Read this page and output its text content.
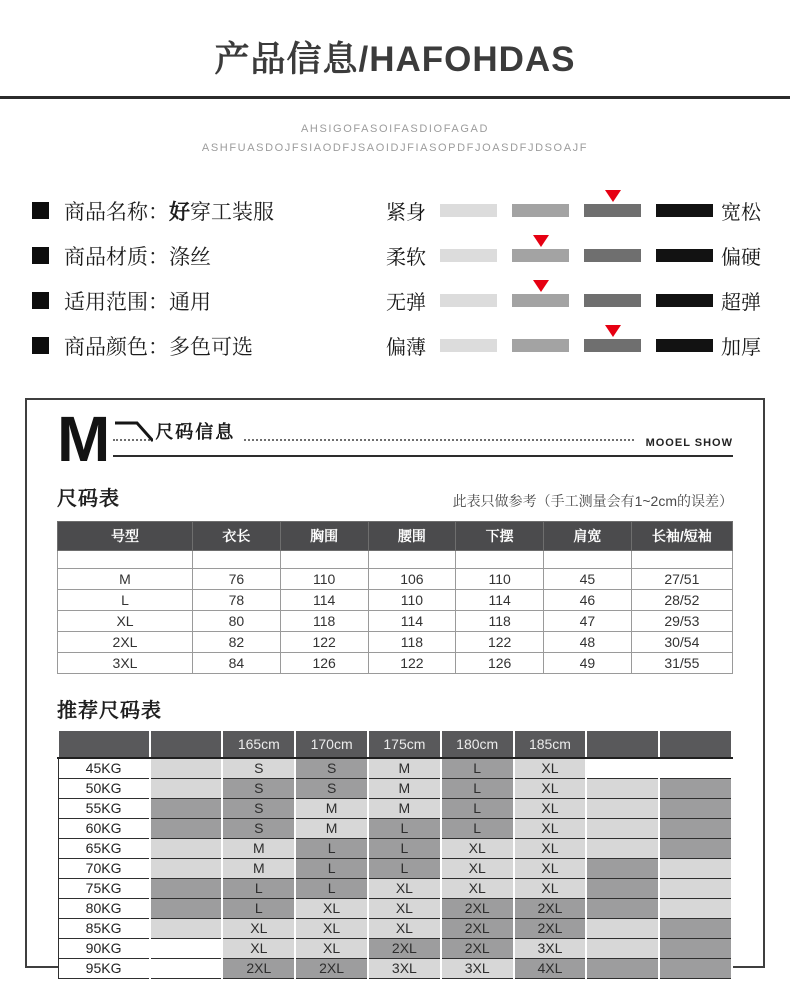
产品信息/HAFOHDAS
AHSIGOFASOIFASDIOFAGAD
ASHFUASDOJFSIAODFJSAOIDJFIASOPDFJOASDFJDSOAJF
商品名称： 好穿工装服
商品材质： 涤丝
适用范围： 通用
商品颜色： 多色可选
紧身	宽松
柔软	偏硬
无弹	超弹
偏薄	加厚
M	尺码信息
MOOEL SHOW
尺码表	此表只做参考（手工测量会有1~2cm的误差）
号型	衣长	胸围	腰围	下摆	肩宽	长袖/短袖

M	76	110	106	110	45	27/51
L	78	114	110	114	46	28/52
XL	80	118	114	118	47	29/53
2XL	82	122	118	122	48	30/54
3XL	84	126	122	126	49	31/55
推荐尺码表
		165cm	170cm	175cm	180cm	185cm		
45KG		S	S	M	L	XL		
50KG		S	S	M	L	XL		
55KG		S	M	M	L	XL		
60KG		S	M	L	L	XL		
65KG		M	L	L	XL	XL		
70KG		M	L	L	XL	XL		
75KG		L	L	XL	XL	XL		
80KG		L	XL	XL	2XL	2XL		
85KG		XL	XL	XL	2XL	2XL		
90KG		XL	XL	2XL	2XL	3XL		
95KG		2XL	2XL	3XL	3XL	4XL		
